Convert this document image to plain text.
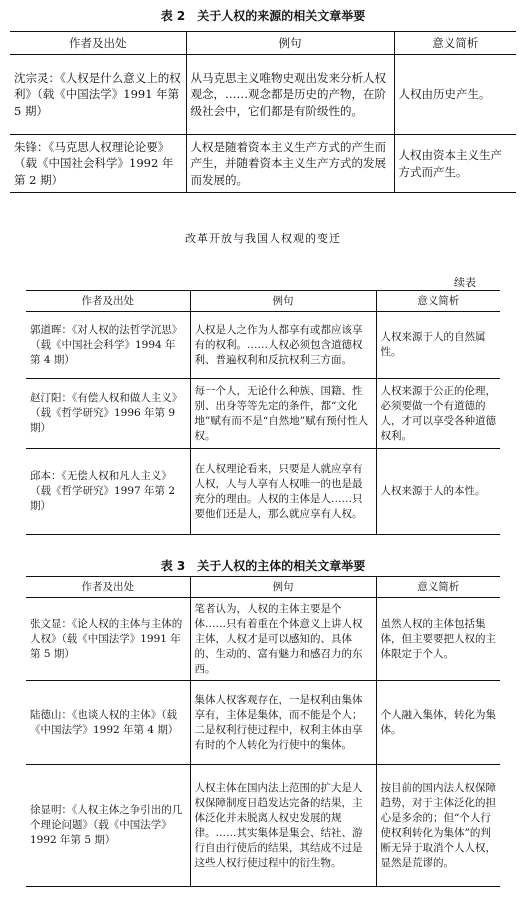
表 2　关于人权的来源的相关文章举要
作者及出处	例句	意义简析
沈宗灵：《人权是什么意义上的权利》（载《中国法学》1991 年第 5 期）	从马克思主义唯物史观出发来分析人权观念，……观念都是历史的产物，在阶级社会中，它们都是有阶级性的。	人权由历史产生。
朱锋：《马克思人权理论论要》（载《中国社会科学》1992 年第 2 期）	人权是随着资本主义生产方式的产生而产生，并随着资本主义生产方式的发展而发展的。	人权由资本主义生产方式而产生。
改革开放与我国人权观的变迁
续表
作者及出处	例句	意义简析
郭道晖：《对人权的法哲学沉思》（载《中国社会科学》1994 年第 4 期）	人权是人之作为人都享有或都应该享有的权利。……人权必须包含道德权利、普遍权利和反抗权利三方面。	人权来源于人的自然属性。
赵汀阳：《有偿人权和做人主义》（载《哲学研究》1996 年第 9 期）	每一个人，无论什么种族、国籍、性别、出身等等先定的条件，都“文化地”赋有而不是“自然地”赋有预付性人权。	人权来源于公正的伦理，必须要做一个有道德的人，才可以享受各种道德权利。
邱本：《无偿人权和凡人主义》（载《哲学研究》1997 年第 2 期）	在人权理论看来，只要是人就应享有人权，人与人享有人权唯一的也是最充分的理由。人权的主体是人……只要他们还是人，那么就应享有人权。	人权来源于人的本性。
表 3　关于人权的主体的相关文章举要
作者及出处	例句	意义简析
张文显：《论人权的主体与主体的人权》（载《中国法学》1991 年第 5 期）	笔者认为，人权的主体主要是个体……只有着重在个体意义上讲人权主体，人权才是可以感知的、具体的、生动的、富有魅力和感召力的东西。	虽然人权的主体包括集体，但主要要把人权的主体限定于个人。
陆德山：《也谈人权的主体》（载《中国法学》1992 年第 4 期）	集体人权客观存在，一是权利由集体享有，主体是集体，而不能是个人；二是权利行使过程中，权利主体由享有时的个人转化为行使中的集体。	个人融入集体，转化为集体。
徐显明：《人权主体之争引出的几个理论问题》（载《中国法学》1992 年第 5 期）	人权主体在国内法上范围的扩大是人权保障制度日趋发达完备的结果，主体泛化并未脱离人权史发展的规律。……其实集体是集会、结社、游行自由行使后的结果，其结成不过是这些人权行使过程中的衍生物。	按目前的国内法人权保障趋势，对于主体泛化的担心是多余的；但“个人行使权利转化为集体”的判断无异于取消个人人权，显然是荒谬的。
